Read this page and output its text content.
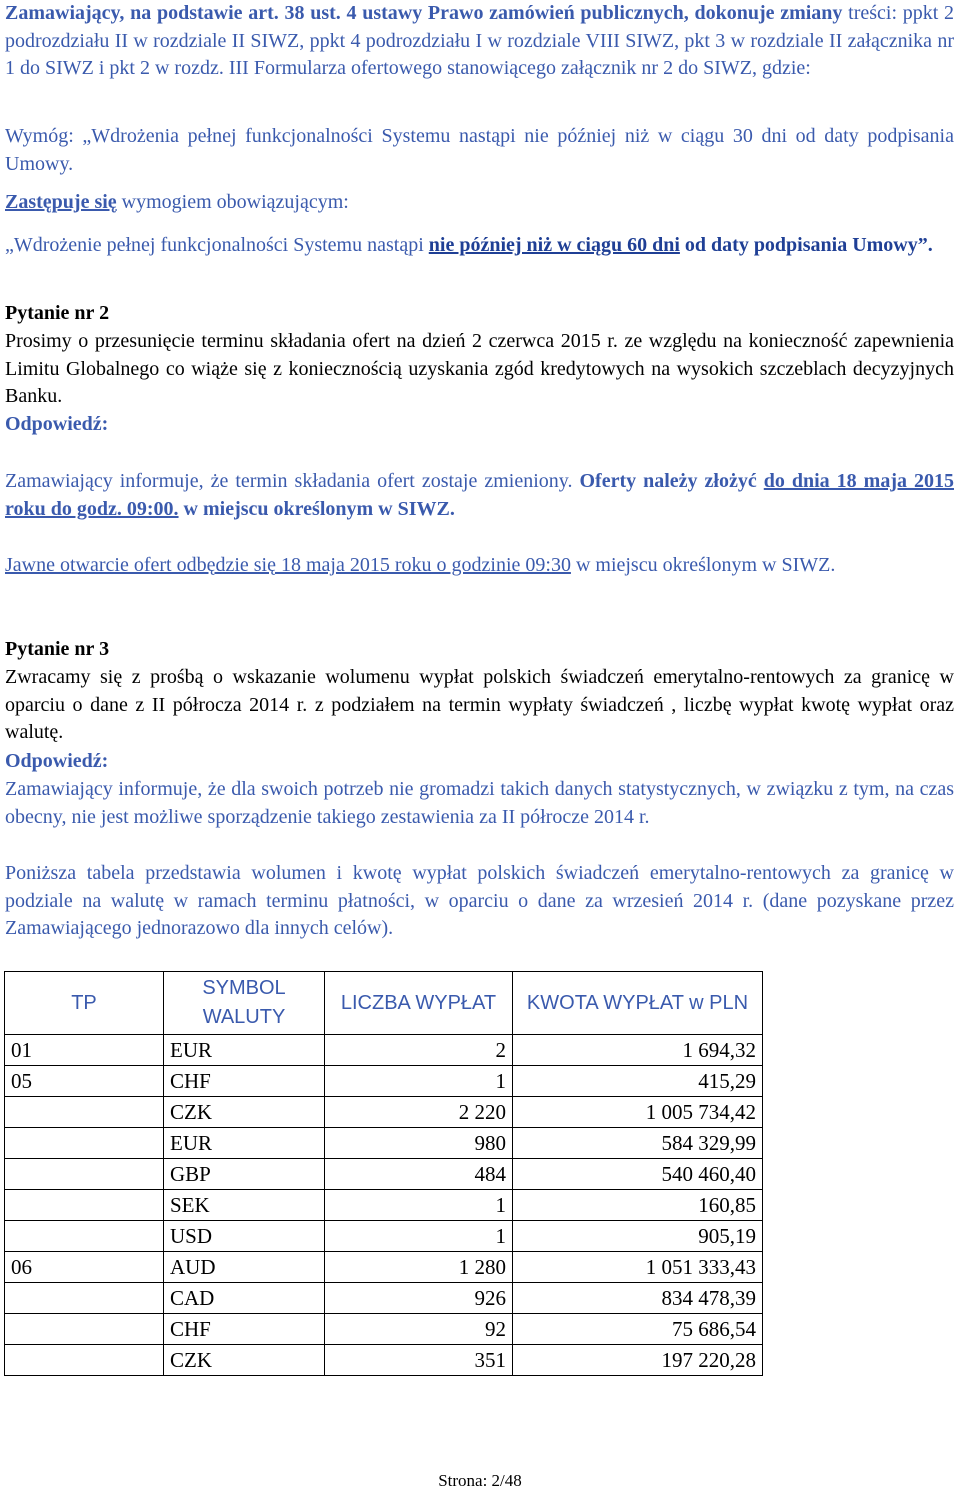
Zamawiający, na podstawie art. 38 ust. 4 ustawy Prawo zamówień publicznych, dokonuje zmiany treści: ppkt 2 podrozdziału II w rozdziale II SIWZ, ppkt 4 podrozdziału I w rozdziale VIII SIWZ, pkt 3 w rozdziale II załącznika nr 1 do SIWZ i pkt 2 w rozdz. III Formularza ofertowego stanowiącego załącznik nr 2 do SIWZ, gdzie:

Wymóg: „Wdrożenia pełnej funkcjonalności Systemu nastąpi nie później niż w ciągu 30 dni od daty podpisania Umowy.

Zastępuje się wymogiem obowiązującym:

„Wdrożenie pełnej funkcjonalności Systemu nastąpi nie później niż w ciągu 60 dni od daty podpisania Umowy”.

Pytanie nr 2

Prosimy o przesunięcie terminu składania ofert na dzień 2 czerwca 2015 r. ze względu na konieczność zapewnienia Limitu Globalnego co wiąże się z koniecznością uzyskania zgód kredytowych na wysokich szczeblach decyzyjnych Banku.

Odpowiedź:

Zamawiający informuje, że termin składania ofert zostaje zmieniony. Oferty należy złożyć do dnia 18 maja 2015 roku do godz. 09:00. w miejscu określonym w SIWZ.

Jawne otwarcie ofert odbędzie się 18 maja 2015 roku o godzinie 09:30 w miejscu określonym w SIWZ.

Pytanie nr 3

Zwracamy się z prośbą o wskazanie wolumenu wypłat polskich świadczeń emerytalno-rentowych za granicę w oparciu o dane z II półrocza 2014 r. z podziałem na termin wypłaty świadczeń , liczbę wypłat kwotę wypłat oraz walutę.

Odpowiedź:

Zamawiający informuje, że dla swoich potrzeb nie gromadzi takich danych statystycznych, w związku z tym, na czas obecny, nie jest możliwe sporządzenie takiego zestawienia za II półrocze 2014 r.

Poniższa tabela przedstawia wolumen i kwotę wypłat polskich świadczeń emerytalno-rentowych za granicę w podziale na walutę w ramach terminu płatności, w oparciu o dane za wrzesień 2014 r. (dane pozyskane przez Zamawiającego jednorazowo dla innych celów).

TP	SYMBOL WALUTY	LICZBA WYPŁAT	KWOTA WYPŁAT w PLN
01	EUR	2	1 694,32
05	CHF	1	415,29
	CZK	2 220	1 005 734,42
	EUR	980	584 329,99
	GBP	484	540 460,40
	SEK	1	160,85
	USD	1	905,19
06	AUD	1 280	1 051 333,43
	CAD	926	834 478,39
	CHF	92	75 686,54
	CZK	351	197 220,28
Strona: 2/48
